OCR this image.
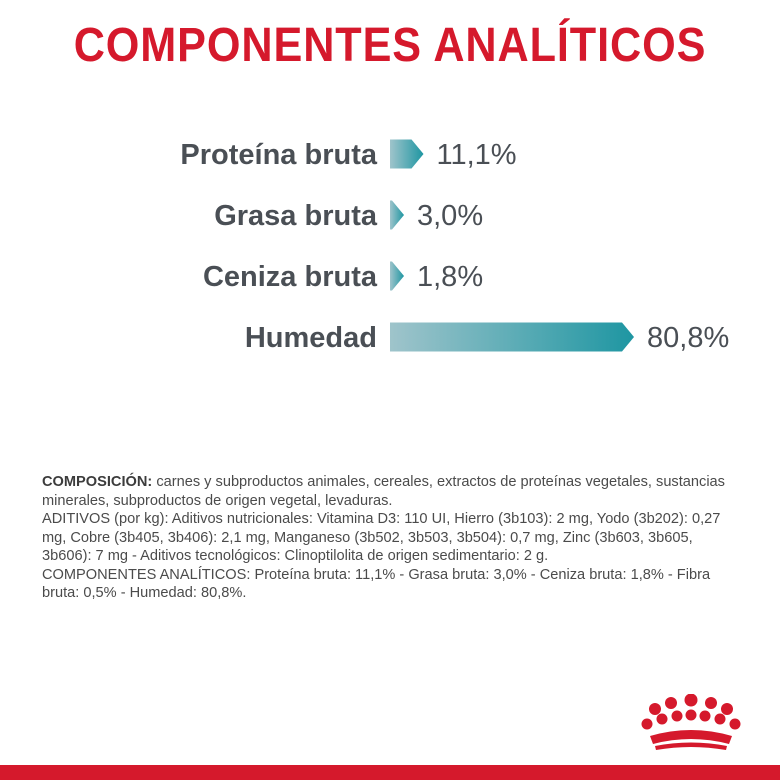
COMPONENTES ANALÍTICOS
Proteína bruta 11,1%
Grasa bruta 3,0%
Ceniza bruta 1,8%
Humedad	80,8%

COMPOSICIÓN: carnes y subproductos animales, cereales, extractos de proteínas vegetales, sustancias minerales, subproductos de origen vegetal, levaduras.

ADITIVOS (por kg): Aditivos nutricionales: Vitamina D3: 110 UI, Hierro (3b103): 2 mg, Yodo (3b202): 0,27 mg, Cobre (3b405, 3b406): 2,1 mg, Manganeso (3b502, 3b503, 3b504): 0,7 mg, Zinc (3b603, 3b605, 3b606): 7 mg - Aditivos tecnológicos: Clinoptilolita de origen sedimentario: 2 g.

COMPONENTES ANALÍTICOS: Proteína bruta: 11,1% - Grasa bruta: 3,0% - Ceniza bruta: 1,8% - Fibra bruta: 0,5% - Humedad: 80,8%.
